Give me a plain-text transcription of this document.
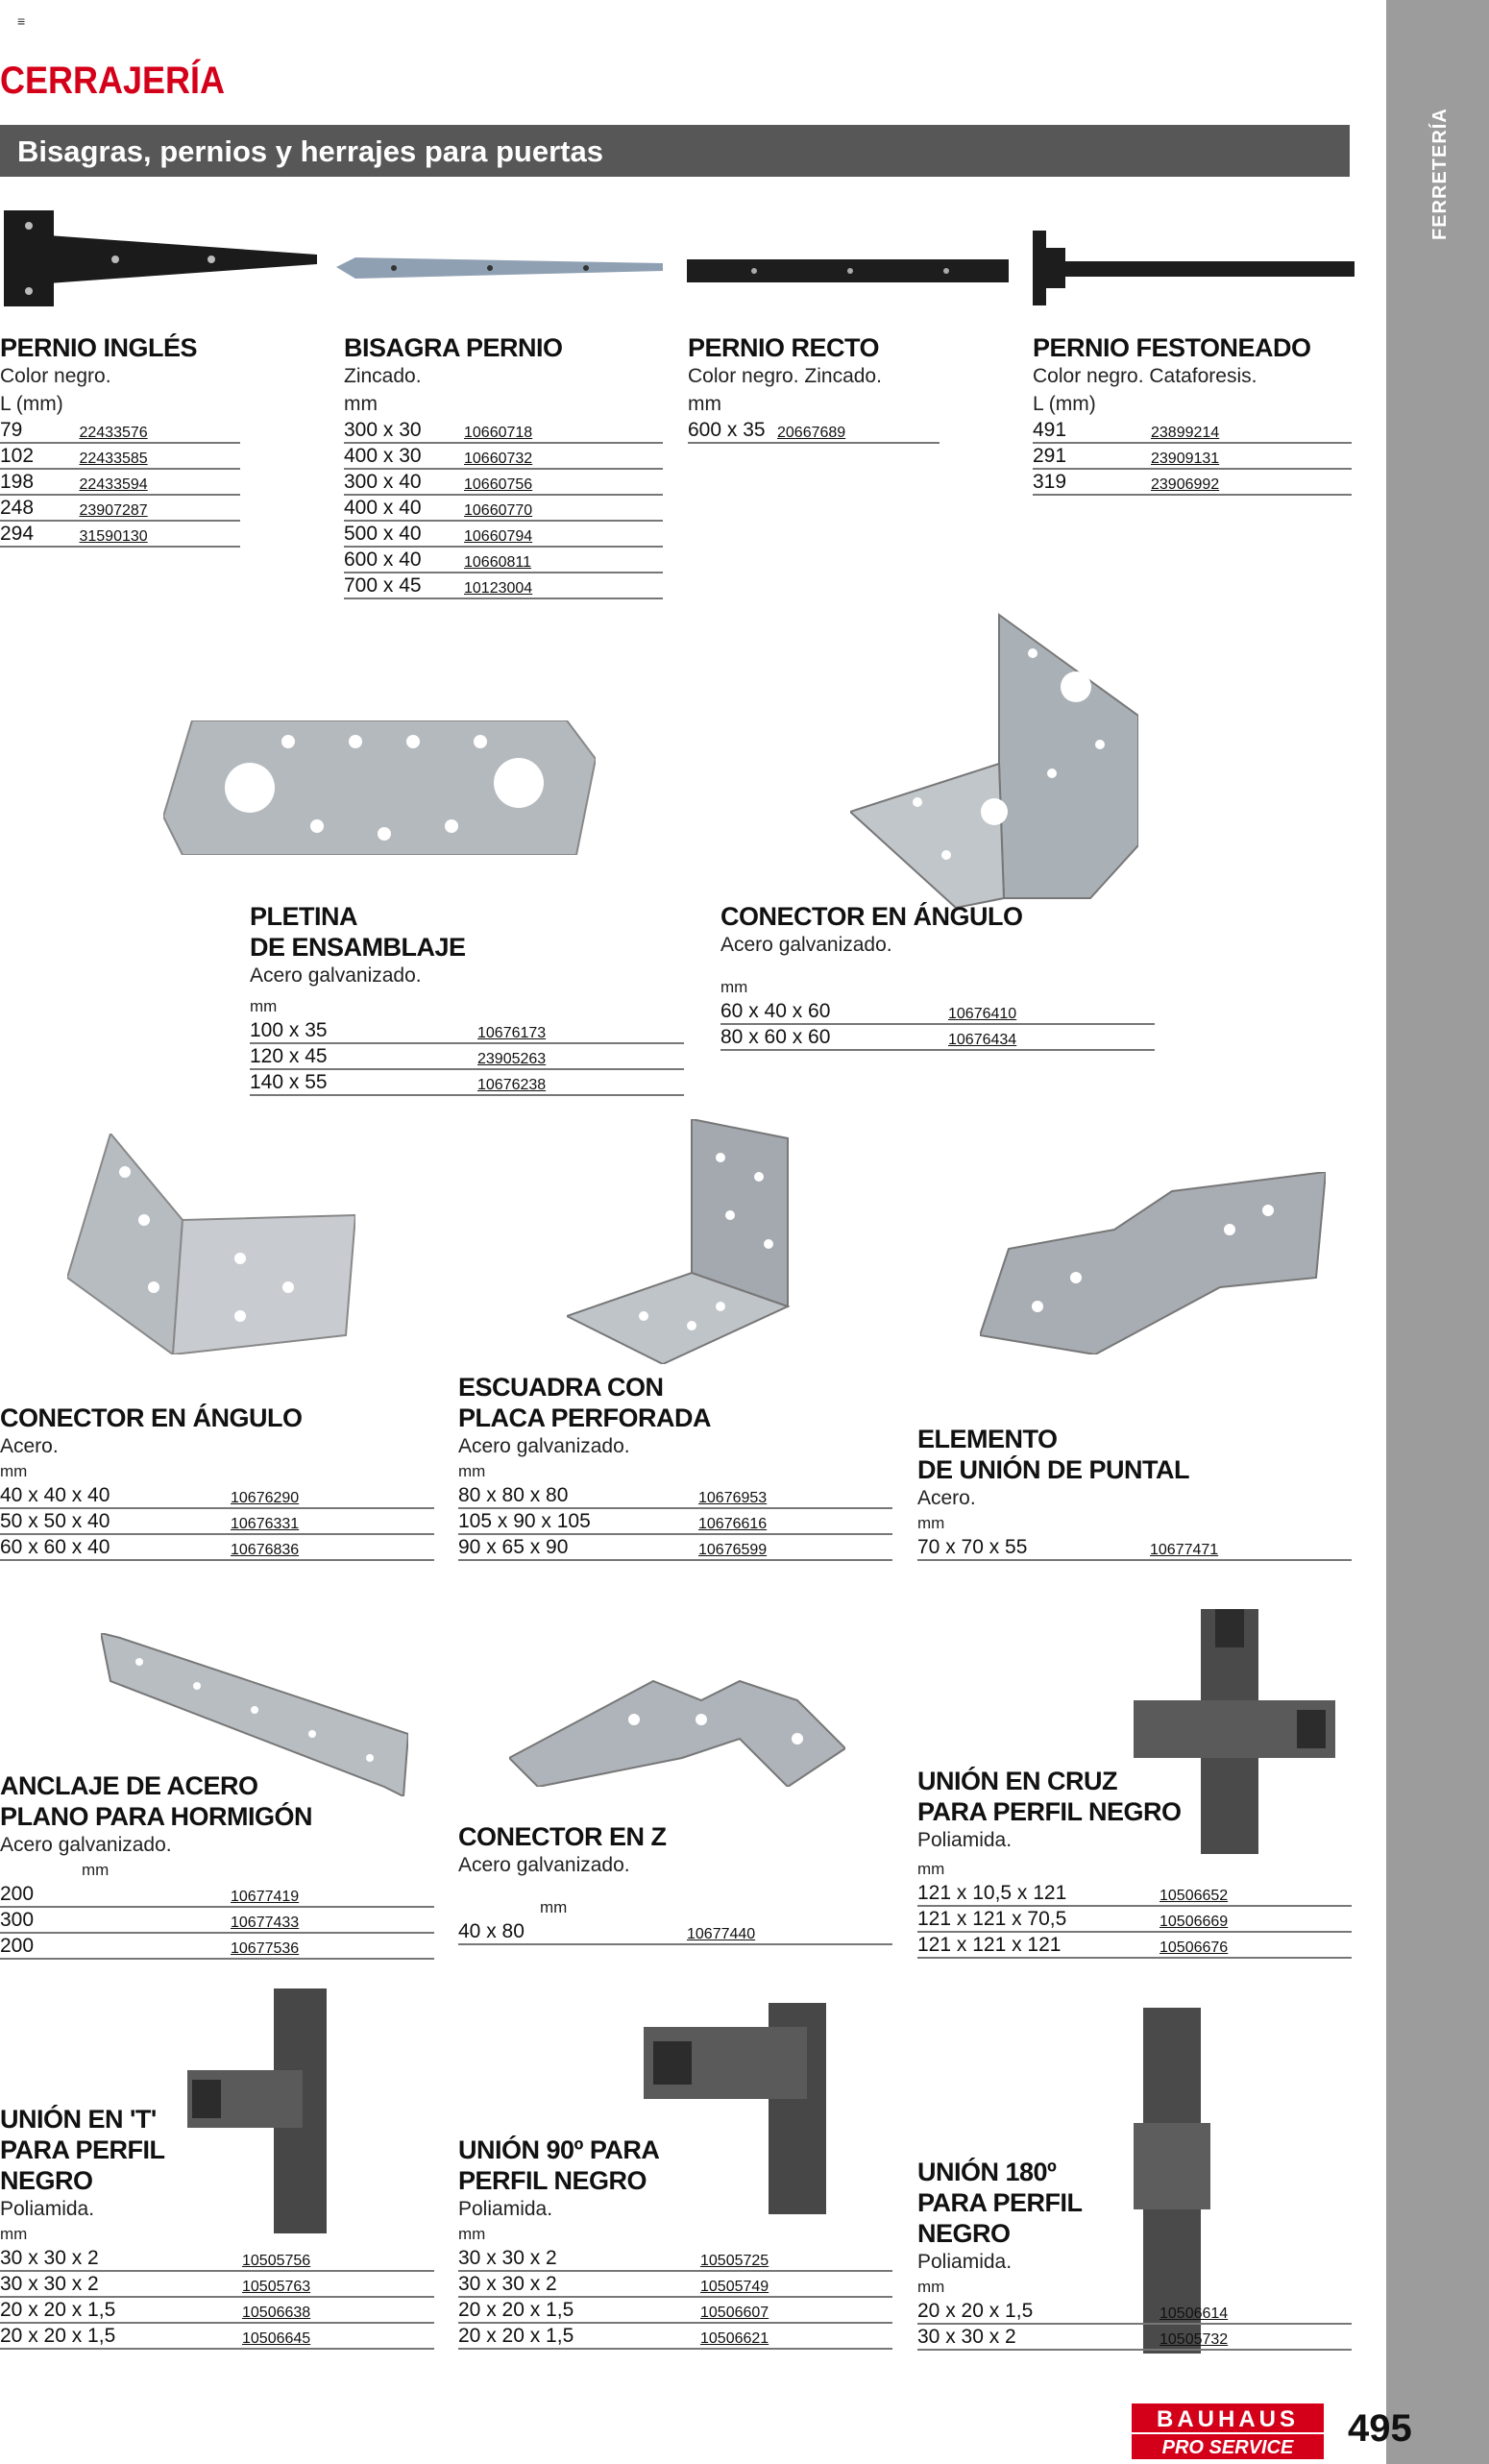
FERRETERÍA
≡
CERRAJERÍA
Bisagras, pernios y herrajes para puertas
PERNIO INGLÉS
Color negro.
L (mm)
79	22433576
102	22433585
198	22433594
248	23907287
294	31590130
BISAGRA PERNIO
Zincado.
mm
300 x 30	10660718
400 x 30	10660732
300 x 40	10660756
400 x 40	10660770
500 x 40	10660794
600 x 40	10660811
700 x 45	10123004
PERNIO RECTO
Color negro. Zincado.
mm
600 x 35	20667689
PERNIO FESTONEADO
Color negro. Cataforesis.
L (mm)
491	23899214
291	23909131
319	23906992
PLETINA
DE ENSAMBLAJE
Acero galvanizado.
mm
100 x 35	10676173
120 x 45	23905263
140 x 55	10676238
CONECTOR EN ÁNGULO
Acero galvanizado.
mm
60 x 40 x 60	10676410
80 x 60 x 60	10676434
CONECTOR EN ÁNGULO
Acero.
mm
40 x 40 x 40	10676290
50 x 50 x 40	10676331
60 x 60 x 40	10676836
ESCUADRA CON
PLACA PERFORADA
Acero galvanizado.
mm
80 x 80 x 80	10676953
105 x 90 x 105	10676616
90 x 65 x 90	10676599
ELEMENTO
DE UNIÓN DE PUNTAL
Acero.
mm
70 x 70 x 55	10677471
ANCLAJE DE ACERO
PLANO PARA HORMIGÓN
Acero galvanizado.
mm
200	10677419
300	10677433
200	10677536
CONECTOR EN Z
Acero galvanizado.
mm
40 x 80	10677440
UNIÓN EN CRUZ
PARA PERFIL NEGRO
Poliamida.
mm
121 x 10,5 x 121	10506652
121 x 121 x 70,5	10506669
121 x 121 x 121	10506676
UNIÓN EN 'T'
PARA PERFIL
NEGRO
Poliamida.
mm
30 x 30 x 2	10505756
30 x 30 x 2	10505763
20 x 20 x 1,5	10506638
20 x 20 x 1,5	10506645
UNIÓN 90º PARA
PERFIL NEGRO
Poliamida.
mm
30 x 30 x 2	10505725
30 x 30 x 2	10505749
20 x 20 x 1,5	10506607
20 x 20 x 1,5	10506621
UNIÓN 180º
PARA PERFIL
NEGRO
Poliamida.
mm
20 x 20 x 1,5	10506614
30 x 30 x 2	10505732
BAUHAUS
PRO SERVICE 495
